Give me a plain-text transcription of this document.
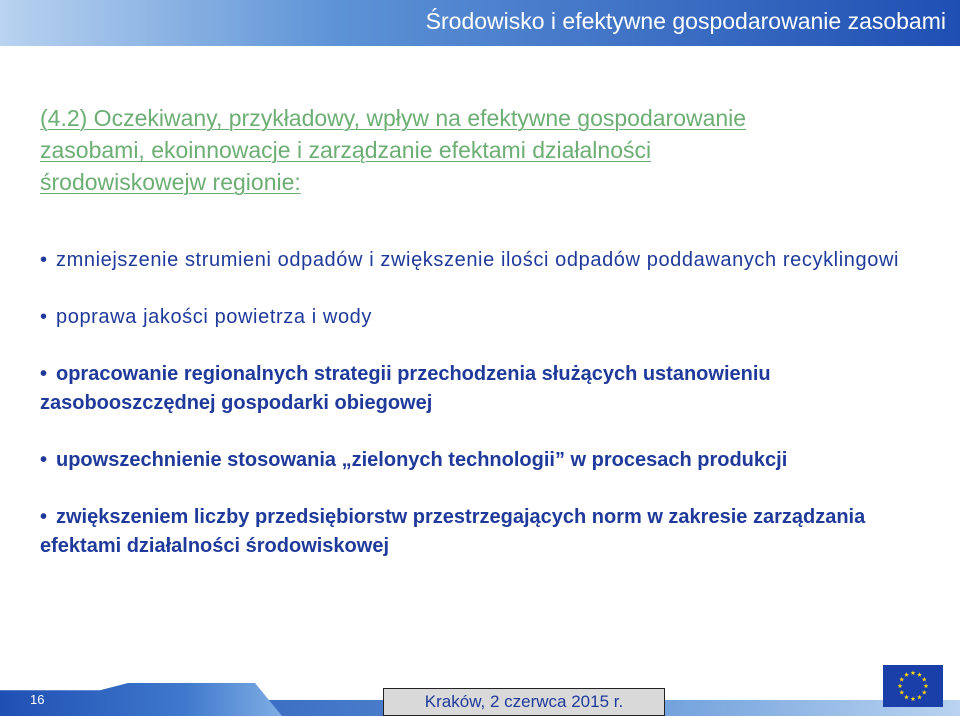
Środowisko i efektywne gospodarowanie zasobami
(4.2) Oczekiwany, przykładowy, wpływ na efektywne gospodarowanie
zasobami, ekoinnowacje i zarządzanie efektami działalności
środowiskowejw regionie:
• zmniejszenie strumieni odpadów i zwiększenie ilości odpadów poddawanych recyklingowi
• poprawa jakości powietrza i wody
• opracowanie regionalnych strategii przechodzenia służących ustanowieniu zasobooszczędnej gospodarki obiegowej
• upowszechnienie stosowania „zielonych technologii” w procesach produkcji
• zwiększeniem liczby przedsiębiorstw przestrzegających norm w zakresie zarządzania efektami działalności środowiskowej
16	Kraków, 2 czerwca 2015 r.
